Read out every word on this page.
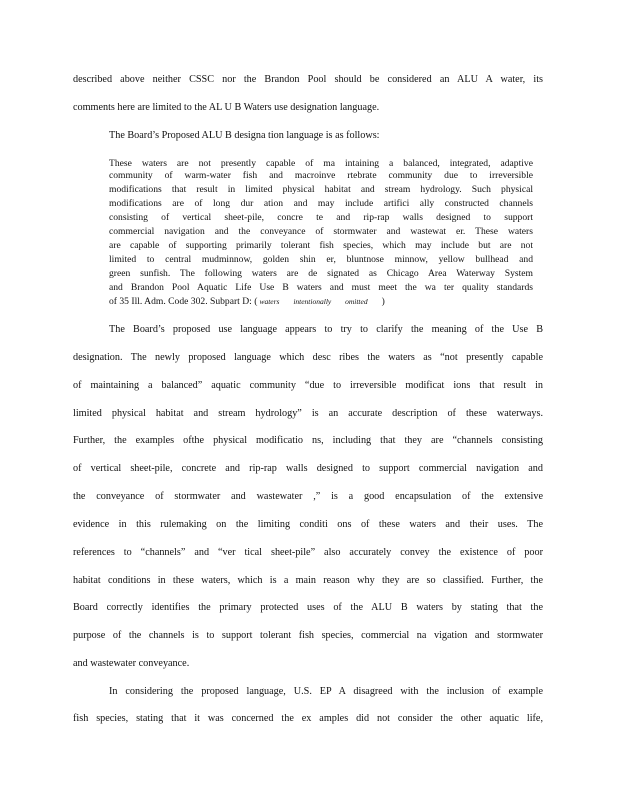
described above neither CSSC nor the Brandon Pool should be considered an ALU A water, its
comments here are limited to the AL U B Waters use designation language.
The Board’s Proposed ALU B designa tion language is as follows:
These waters are not presently capable of ma intaining a balanced, integrated, adaptive
community of warm-water fish and macroinve rtebrate community due to irreversible
modifications that result in limited physical habitat and stream hydrology. Such physical
modifications are of long dur ation and may include artifici ally constructed channels
consisting of vertical sheet-pile, concre te and rip-rap walls designed to support
commercial navigation and the conveyance of stormwater and wastewat er. These waters
are capable of supporting primarily tolerant fish species, which may include but are not
limited to central mudminnow, golden shin er, bluntnose minnow, yellow bullhead and
green sunfish. The following waters are de signated as Chicago Area Waterway System
and Brandon Pool Aquatic Life Use B waters and must meet the wa ter quality standards
of 35 Ill. Adm. Code 302. Subpart D: ( waters intentionally omitted )
The Board’s proposed use language appears to try to clarify the meaning of the Use B
designation. The newly proposed language which desc ribes the waters as “not presently capable
of maintaining a balanced” aquatic community “due to irreversible modificat ions that result in
limited physical habitat and stream hydrology” is an accurate description of these waterways.
Further, the examples ofthe physical modificatio ns, including that they are “channels consisting
of vertical sheet-pile, concrete and rip-rap walls designed to support commercial navigation and
the conveyance of stormwater and wastewater ,” is a good encapsulation of the extensive
evidence in this rulemaking on the limiting conditi ons of these waters and their uses. The
references to “channels” and “ver tical sheet-pile” also accurately convey the existence of poor
habitat conditions in these waters, which is a main reason why they are so classified. Further, the
Board correctly identifies the primary protected uses of the ALU B waters by stating that the
purpose of the channels is to support tolerant fish species, commercial na vigation and stormwater
and wastewater conveyance.
In considering the proposed language, U.S. EP A disagreed with the inclusion of example
fish species, stating that it was concerned the ex amples did not consider the other aquatic life,
